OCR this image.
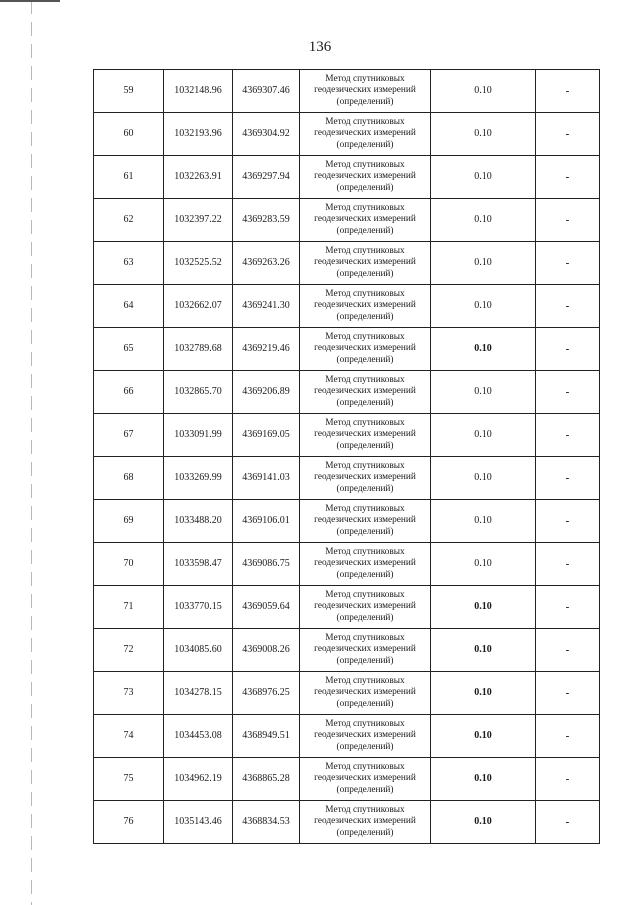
136
59	1032148.96	4369307.46	Метод спутниковых
геодезических измерений
(определений)	0.10	-
60	1032193.96	4369304.92	Метод спутниковых
геодезических измерений
(определений)	0.10	-
61	1032263.91	4369297.94	Метод спутниковых
геодезических измерений
(определений)	0.10	-
62	1032397.22	4369283.59	Метод спутниковых
геодезических измерений
(определений)	0.10	-
63	1032525.52	4369263.26	Метод спутниковых
геодезических измерений
(определений)	0.10	-
64	1032662.07	4369241.30	Метод спутниковых
геодезических измерений
(определений)	0.10	-
65	1032789.68	4369219.46	Метод спутниковых
геодезических измерений
(определений)	0.10	-
66	1032865.70	4369206.89	Метод спутниковых
геодезических измерений
(определений)	0.10	-
67	1033091.99	4369169.05	Метод спутниковых
геодезических измерений
(определений)	0.10	-
68	1033269.99	4369141.03	Метод спутниковых
геодезических измерений
(определений)	0.10	-
69	1033488.20	4369106.01	Метод спутниковых
геодезических измерений
(определений)	0.10	-
70	1033598.47	4369086.75	Метод спутниковых
геодезических измерений
(определений)	0.10	-
71	1033770.15	4369059.64	Метод спутниковых
геодезических измерений
(определений)	0.10	-
72	1034085.60	4369008.26	Метод спутниковых
геодезических измерений
(определений)	0.10	-
73	1034278.15	4368976.25	Метод спутниковых
геодезических измерений
(определений)	0.10	-
74	1034453.08	4368949.51	Метод спутниковых
геодезических измерений
(определений)	0.10	-
75	1034962.19	4368865.28	Метод спутниковых
геодезических измерений
(определений)	0.10	-
76	1035143.46	4368834.53	Метод спутниковых
геодезических измерений
(определений)	0.10	-
